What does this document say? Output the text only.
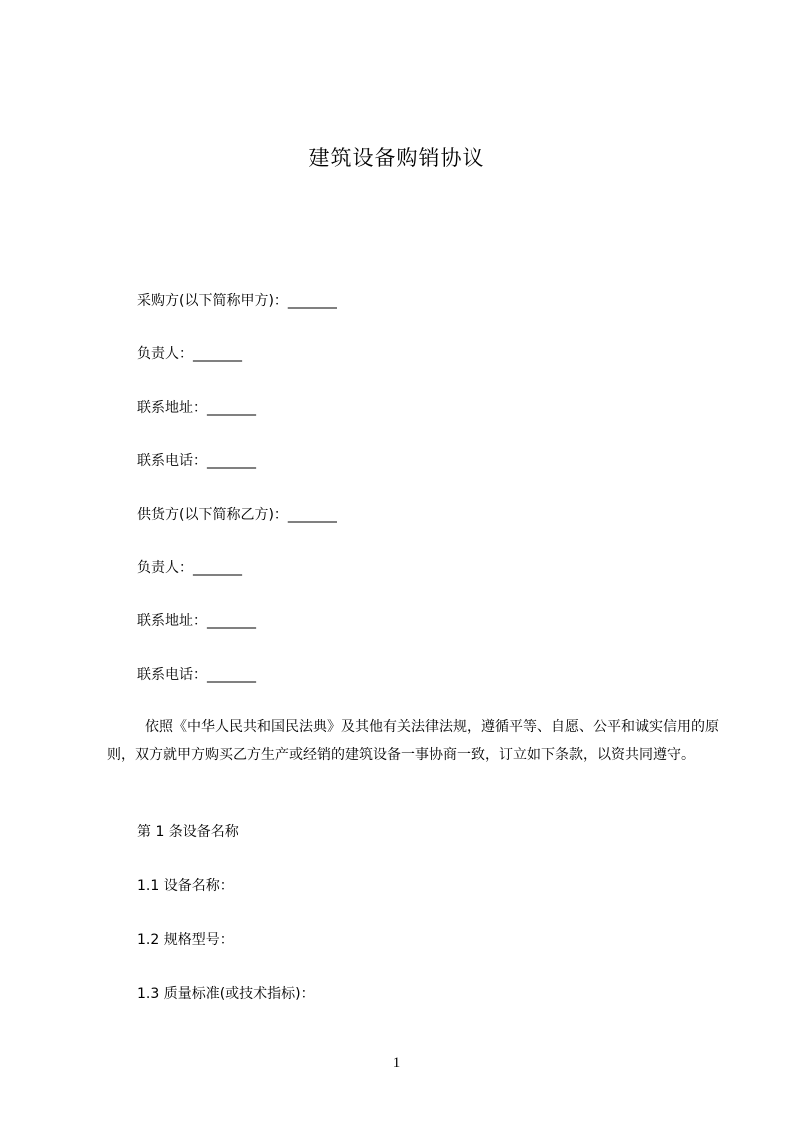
建筑设备购销协议
采购方(以下简称甲方)：_______
负责人：_______
联系地址：_______
联系电话：_______
供货方(以下简称乙方)：_______
负责人：_______
联系地址：_______
联系电话：_______
依照《中华人民共和国民法典》及其他有关法律法规，遵循平等、自愿、公平和诚实信用的原则，双方就甲方购买乙方生产或经销的建筑设备一事协商一致，订立如下条款，以资共同遵守。
第 1 条设备名称
1.1 设备名称：
1.2 规格型号：
1.3 质量标准(或技术指标)：
1
